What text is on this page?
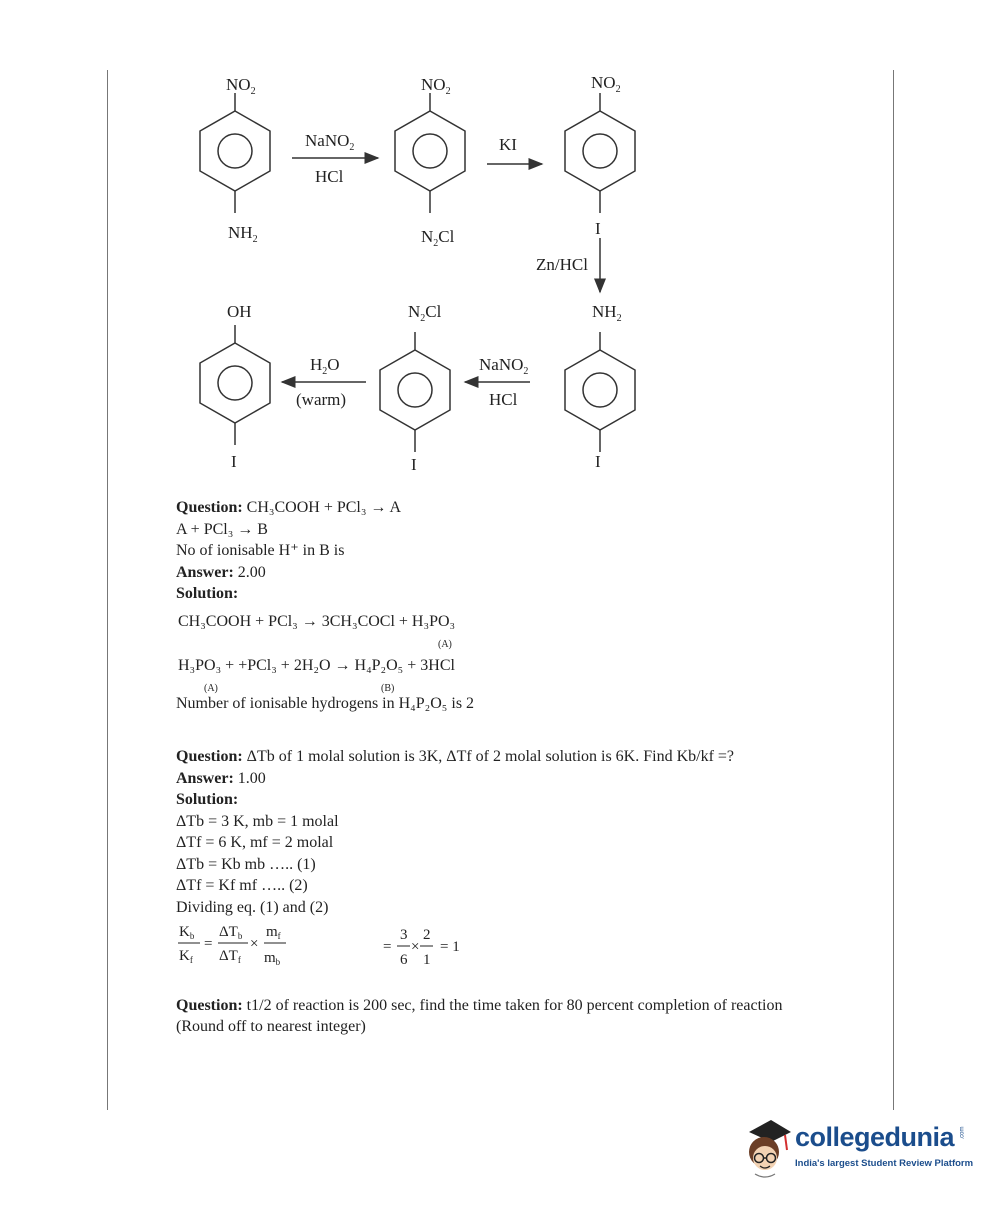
$NO_2$
$NH_2$
NaNO$_2$
HCl
$NO_2$
$N_2Cl$
KI
$NO_2$
I
Zn/HCl
OH
I
$H_2O$
(warm)
$N_2Cl$
I
NaNO$_2$
HCl
$NH_2$
I

Question: CH₃COOH + PCl₃ → A

A + PCl₃ → B

No of ionisable H⁺ in B is

Answer: 2.00

Solution:

CH₃COOH + PCl₃ → 3CH₃COCl + H₃PO₃
(A)
H₃PO₃ + +PCl₃ + 2H₂O → H₄P₂O₅ + 3HCl
(A)	(B)

Number of ionisable hydrogens in H₄P₂O₅ is 2

Question: ΔTb of 1 molal solution is 3K, ΔTf of 2 molal solution is 6K. Find Kb/kf =?

Answer: 1.00

Solution:

ΔTb = 3 K, mb = 1 molal

ΔTf = 6 K, mf = 2 molal

ΔTb = Kb mb ….. (1)

ΔTf = Kf mf ….. (2)

Dividing eq. (1) and (2)

$K_b$
$K_f$
=
$\Delta T_b$
$\Delta T_f$
×
$m_f$
$m_b$

=
3
6
×
2
1
= 1

Question: t1/2 of reaction is 200 sec, find the time taken for 80 percent completion of reaction

(Round off to nearest integer)

collegedunia .com
India's largest Student Review Platform
